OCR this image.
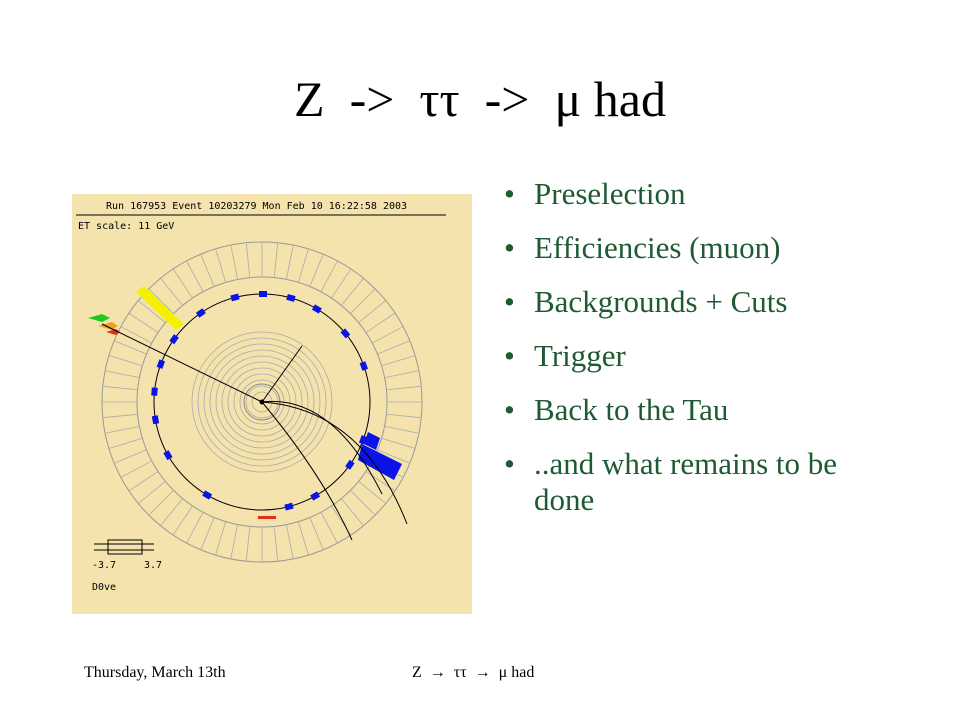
Z  ->  ττ  ->  μ had
Run 167953 Event 10203279 Mon Feb 10 16:22:58 2003
ET scale: 11 GeV
-3.7	3.7
D0ve
• Preselection
• Efficiencies (muon)
• Backgrounds + Cuts
• Trigger
• Back to the Tau
• ..and what remains to be done
Thursday, March 13th	Z  →  ττ  →  μ had
